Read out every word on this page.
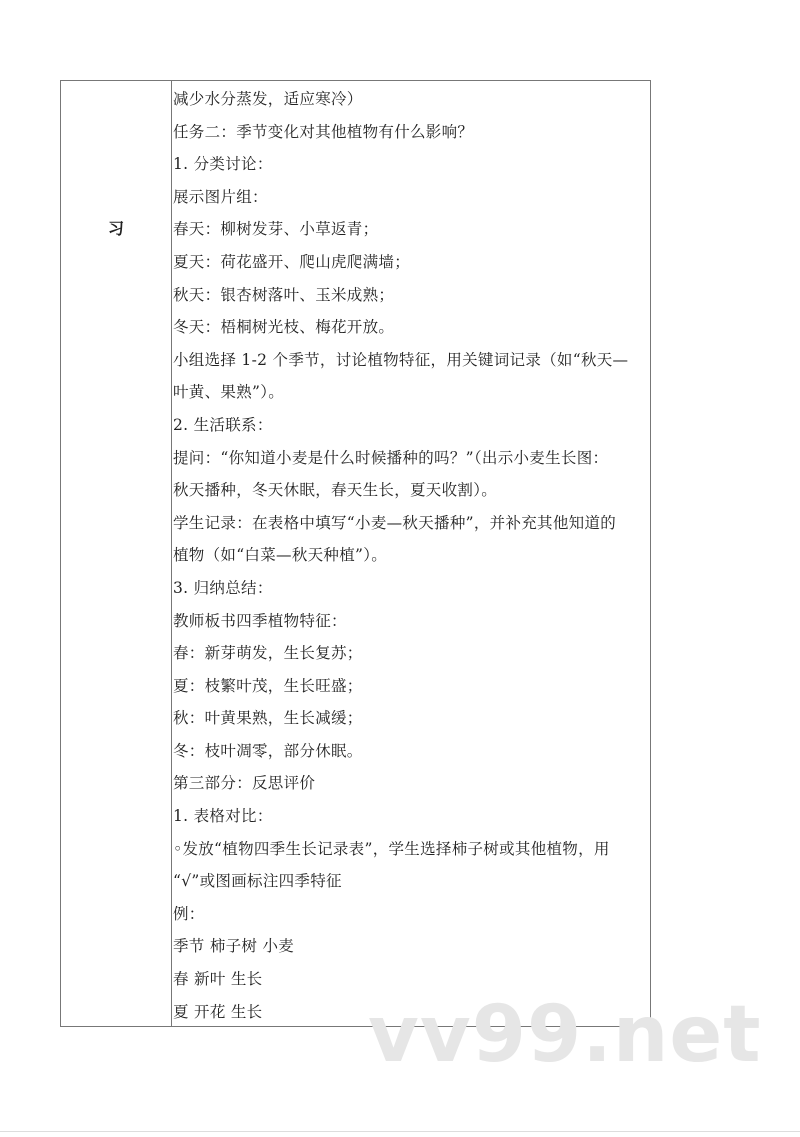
习
减少水分蒸发，适应寒冷）
任务二：季节变化对其他植物有什么影响？
1. 分类讨论：
展示图片组：
春天：柳树发芽、小草返青；
夏天：荷花盛开、爬山虎爬满墙；
秋天：银杏树落叶、玉米成熟；
冬天：梧桐树光枝、梅花开放。
小组选择 1-2 个季节，讨论植物特征，用关键词记录（如“秋天—
叶黄、果熟”）。
2. 生活联系：
提问：“你知道小麦是什么时候播种的吗？”（出示小麦生长图：
秋天播种，冬天休眠，春天生长，夏天收割）。
学生记录：在表格中填写“小麦—秋天播种”，并补充其他知道的
植物（如“白菜—秋天种植”）。
3. 归纳总结：
教师板书四季植物特征：
春：新芽萌发，生长复苏；
夏：枝繁叶茂，生长旺盛；
秋：叶黄果熟，生长减缓；
冬：枝叶凋零，部分休眠。
第三部分：反思评价
1. 表格对比：
◦发放“植物四季生长记录表”，学生选择柿子树或其他植物，用
“√”或图画标注四季特征
例：
季节 柿子树 小麦
春 新叶 生长
夏 开花 生长	vv99.net
